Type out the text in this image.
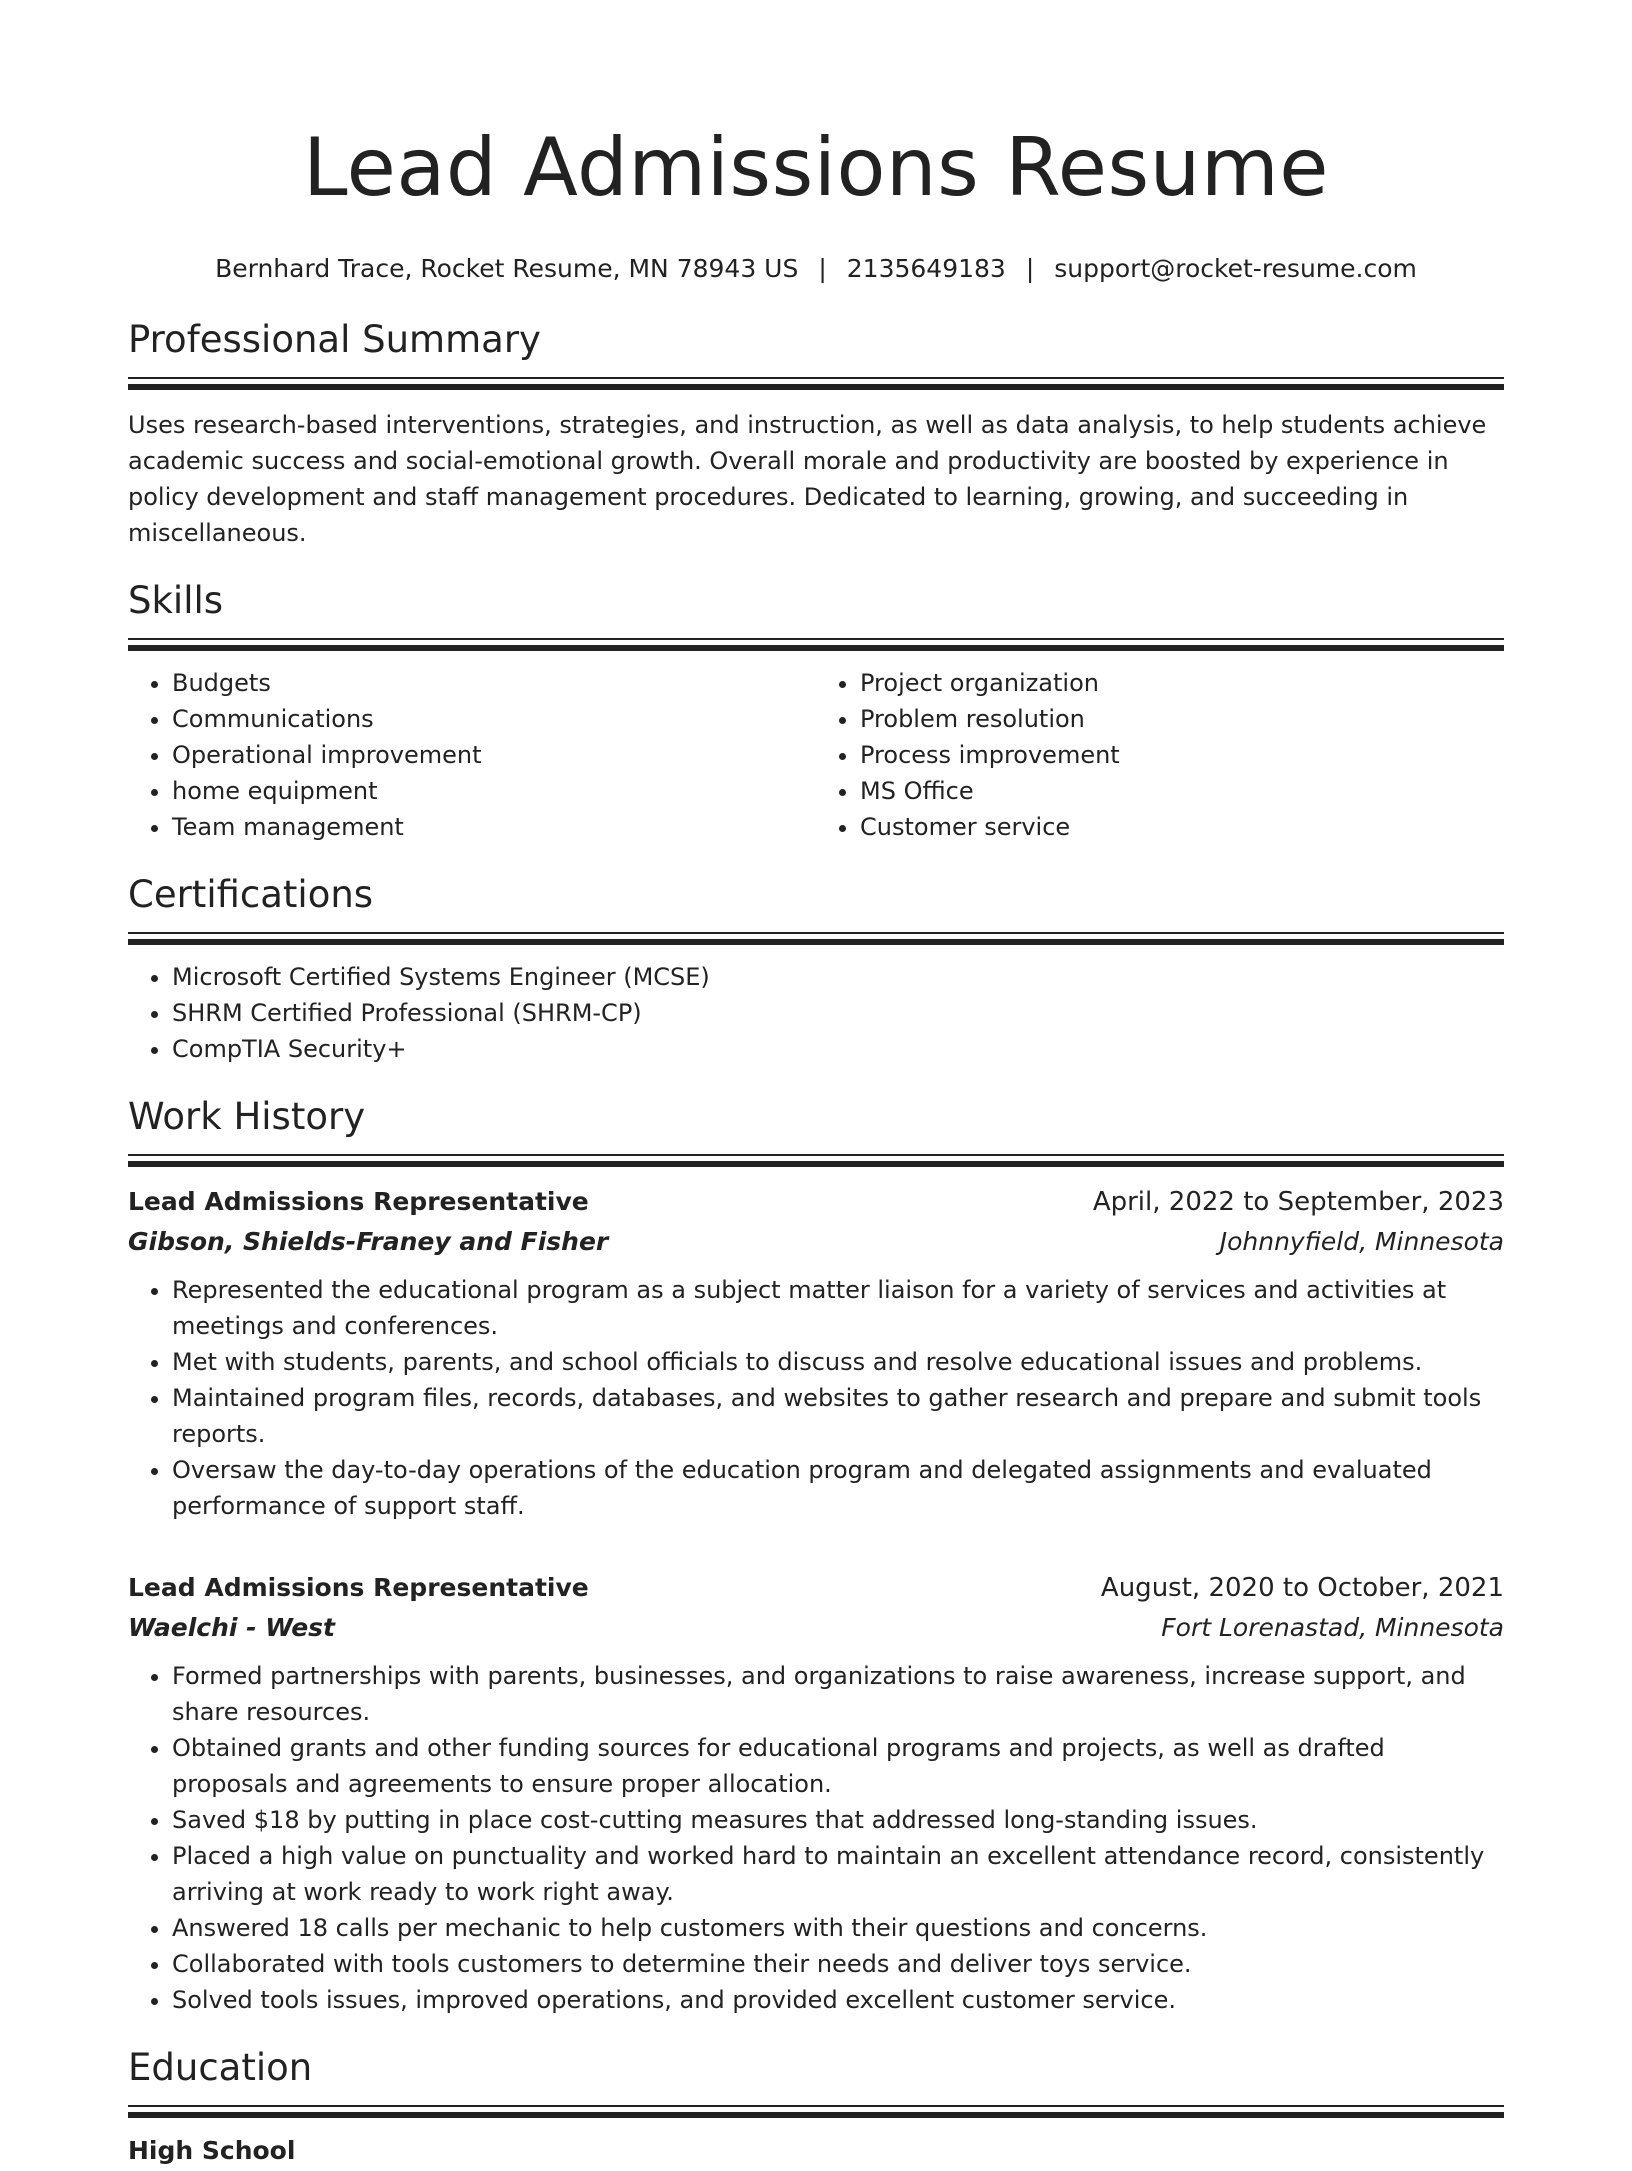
Lead Admissions Resume
Bernhard Trace, Rocket Resume, MN 78943 US | 2135649183 | support@rocket-resume.com
Professional Summary

Uses research-based interventions, strategies, and instruction, as well as data analysis, to help students achieve academic success and social-emotional growth. Overall morale and productivity are boosted by experience in policy development and staff management procedures. Dedicated to learning, growing, and succeeding in miscellaneous.

Skills
• Budgets
• Communications
• Operational improvement
• home equipment
• Team management
• Project organization
• Problem resolution
• Process improvement
• MS Office
• Customer service
Certifications
• Microsoft Certified Systems Engineer (MCSE)
• SHRM Certified Professional (SHRM-CP)
• CompTIA Security+
Work History
Lead Admissions Representative	April, 2022 to September, 2023
Gibson, Shields-Franey and Fisher	Johnnyfield, Minnesota
• Represented the educational program as a subject matter liaison for a variety of services and activities at meetings and conferences.
• Met with students, parents, and school officials to discuss and resolve educational issues and problems.
• Maintained program files, records, databases, and websites to gather research and prepare and submit tools reports.
• Oversaw the day-to-day operations of the education program and delegated assignments and evaluated performance of support staff.
Lead Admissions Representative	August, 2020 to October, 2021
Waelchi - West	Fort Lorenastad, Minnesota
• Formed partnerships with parents, businesses, and organizations to raise awareness, increase support, and share resources.
• Obtained grants and other funding sources for educational programs and projects, as well as drafted proposals and agreements to ensure proper allocation.
• Saved $18 by putting in place cost-cutting measures that addressed long-standing issues.
• Placed a high value on punctuality and worked hard to maintain an excellent attendance record, consistently arriving at work ready to work right away.
• Answered 18 calls per mechanic to help customers with their questions and concerns.
• Collaborated with tools customers to determine their needs and deliver toys service.
• Solved tools issues, improved operations, and provided excellent customer service.
Education
High School
